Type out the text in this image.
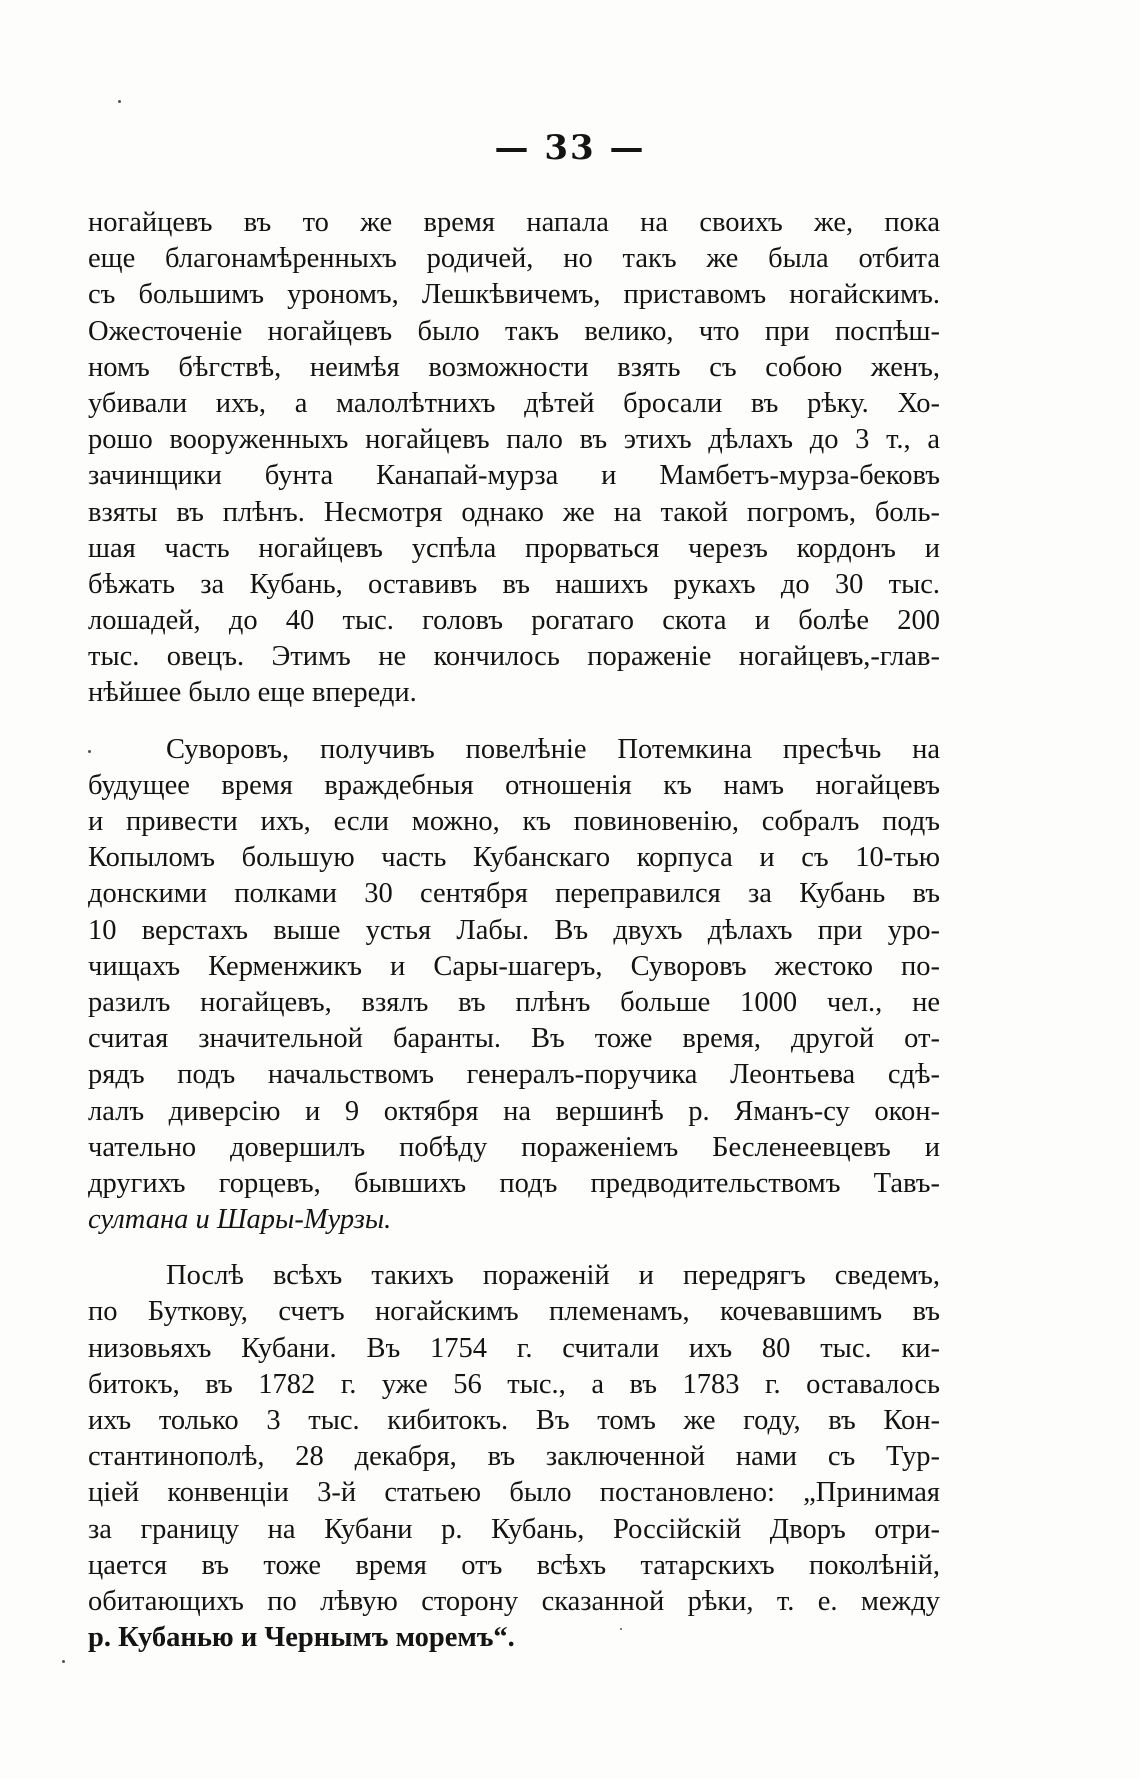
— 33 —
ногайцевъ въ то же время напала на своихъ же, пока
еще благонамѣренныхъ родичей, но такъ же была отбита
съ большимъ урономъ, Лешкѣвичемъ, приставомъ ногайскимъ.
Ожесточеніе ногайцевъ было такъ велико, что при поспѣш-
номъ бѣгствѣ, неимѣя возможности взять съ собою женъ,
убивали ихъ, а малолѣтнихъ дѣтей бросали въ рѣку. Хо-
рошо вооруженныхъ ногайцевъ пало въ этихъ дѣлахъ до 3 т., а
зачинщики бунта Канапай-мурза и Мамбетъ-мурза-бековъ
взяты въ плѣнъ. Несмотря однако же на такой погромъ, боль-
шая часть ногайцевъ успѣла прорваться черезъ кордонъ и
бѣжать за Кубань, оставивъ въ нашихъ рукахъ до 30 тыс.
лошадей, до 40 тыс. головъ рогатаго скота и болѣе 200
тыс. овецъ. Этимъ не кончилось пораженіе ногайцевъ,-глав-
нѣйшее было еще впереди.
Суворовъ, получивъ повелѣніе Потемкина пресѣчь на
будущее время враждебныя отношенія къ намъ ногайцевъ
и привести ихъ, если можно, къ повиновенію, собралъ подъ
Копыломъ большую часть Кубанскаго корпуса и съ 10-тью
донскими полками 30 сентября переправился за Кубань въ
10 верстахъ выше устья Лабы. Въ двухъ дѣлахъ при уро-
чищахъ Керменжикъ и Сары-шагеръ, Суворовъ жестоко по-
разилъ ногайцевъ, взялъ въ плѣнъ больше 1000 чел., не
считая значительной баранты. Въ тоже время, другой от-
рядъ подъ начальствомъ генералъ-поручика Леонтьева сдѣ-
лалъ диверсію и 9 октября на вершинѣ р. Яманъ-су окон-
чательно довершилъ побѣду пораженіемъ Бесленеевцевъ и
другихъ горцевъ, бывшихъ подъ предводительствомъ Тавъ-
султана и Шары-Мурзы.
Послѣ всѣхъ такихъ пораженій и передрягъ сведемъ,
по Буткову, счетъ ногайскимъ племенамъ, кочевавшимъ въ
низовьяхъ Кубани. Въ 1754 г. считали ихъ 80 тыс. ки-
битокъ, въ 1782 г. уже 56 тыс., а въ 1783 г. оставалось
ихъ только 3 тыс. кибитокъ. Въ томъ же году, въ Кон-
стантинополѣ, 28 декабря, въ заключенной нами съ Тур-
ціей конвенціи 3-й статьею было постановлено: „Принимая
за границу на Кубани р. Кубань, Россійскій Дворъ отри-
цается въ тоже время отъ всѣхъ татарскихъ поколѣній,
обитающихъ по лѣвую сторону сказанной рѣки, т. е. между
р. Кубанью и Чернымъ моремъ“.
